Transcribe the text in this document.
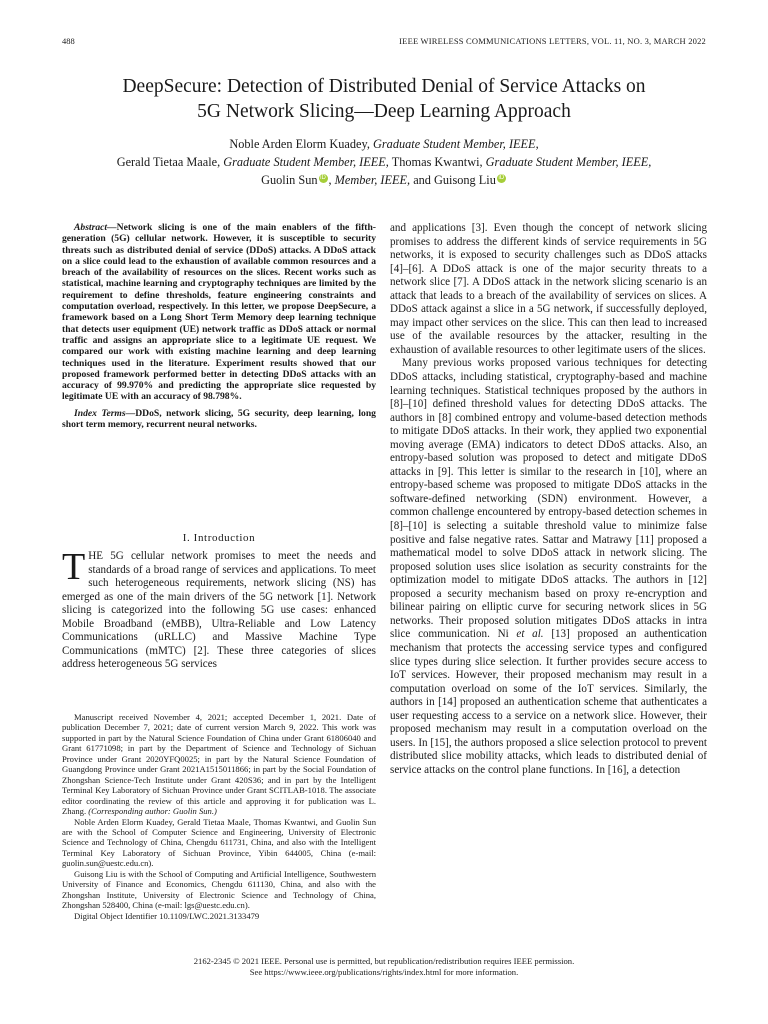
488	IEEE WIRELESS COMMUNICATIONS LETTERS, VOL. 11, NO. 3, MARCH 2022
DeepSecure: Detection of Distributed Denial of Service Attacks on
5G Network Slicing—Deep Learning Approach
Noble Arden Elorm Kuadey, Graduate Student Member, IEEE,
Gerald Tietaa Maale, Graduate Student Member, IEEE, Thomas Kwantwi, Graduate Student Member, IEEE,
Guolin Sun iD , Member, IEEE, and Guisong Liu iD

Abstract—Network slicing is one of the main enablers of the fifth-generation (5G) cellular network. However, it is susceptible to security threats such as distributed denial of service (DDoS) attacks. A DDoS attack on a slice could lead to the exhaustion of available common resources and a breach of the availability of resources on the slices. Recent works such as statistical, machine learning and cryptography techniques are limited by the requirement to define thresholds, feature engineering constraints and computation overload, respectively. In this letter, we propose DeepSecure, a framework based on a Long Short Term Memory deep learning technique that detects user equipment (UE) network traffic as DDoS attack or normal traffic and assigns an appropriate slice to a legitimate UE request. We compared our work with existing machine learning and deep learning techniques used in the literature. Experiment results showed that our proposed framework performed better in detecting DDoS attacks with an accuracy of 99.970% and predicting the appropriate slice requested by legitimate UE with an accuracy of 98.798%.

Index Terms—DDoS, network slicing, 5G security, deep learning, long short term memory, recurrent neural networks.

I. Introduction

THE 5G cellular network promises to meet the needs and standards of a broad range of services and applications. To meet such heterogeneous requirements, network slicing (NS) has emerged as one of the main drivers of the 5G network [1]. Network slicing is categorized into the following 5G use cases: enhanced Mobile Broadband (eMBB), Ultra-Reliable and Low Latency Communications (uRLLC) and Massive Machine Type Communications (mMTC) [2]. These three categories of slices address heterogeneous 5G services

Manuscript received November 4, 2021; accepted December 1, 2021. Date of publication December 7, 2021; date of current version March 9, 2022. This work was supported in part by the Natural Science Foundation of China under Grant 61806040 and Grant 61771098; in part by the Department of Science and Technology of Sichuan Province under Grant 2020YFQ0025; in part by the Natural Science Foundation of Guangdong Province under Grant 2021A1515011866; in part by the Social Foundation of Zhongshan Science-Tech Institute under Grant 420S36; and in part by the Intelligent Terminal Key Laboratory of Sichuan Province under Grant SCITLAB-1018. The associate editor coordinating the review of this article and approving it for publication was L. Zhang. (Corresponding author: Guolin Sun.)

Noble Arden Elorm Kuadey, Gerald Tietaa Maale, Thomas Kwantwi, and Guolin Sun are with the School of Computer Science and Engineering, University of Electronic Science and Technology of China, Chengdu 611731, China, and also with the Intelligent Terminal Key Laboratory of Sichuan Province, Yibin 644005, China (e-mail: guolin.sun@uestc.edu.cn).

Guisong Liu is with the School of Computing and Artificial Intelligence, Southwestern University of Finance and Economics, Chengdu 611130, China, and also with the Zhongshan Institute, University of Electronic Science and Technology of China, Zhongshan 528400, China (e-mail: lgs@uestc.edu.cn).

Digital Object Identifier 10.1109/LWC.2021.3133479

and applications [3]. Even though the concept of network slicing promises to address the different kinds of service requirements in 5G networks, it is exposed to security challenges such as DDoS attacks [4]–[6]. A DDoS attack is one of the major security threats to a network slice [7]. A DDoS attack in the network slicing scenario is an attack that leads to a breach of the availability of services on slices. A DDoS attack against a slice in a 5G network, if successfully deployed, may impact other services on the slice. This can then lead to increased use of the available resources by the attacker, resulting in the exhaustion of available resources to other legitimate users of the slices.

Many previous works proposed various techniques for detecting DDoS attacks, including statistical, cryptography-based and machine learning techniques. Statistical techniques proposed by the authors in [8]–[10] defined threshold values for detecting DDoS attacks. The authors in [8] combined entropy and volume-based detection methods to mitigate DDoS attacks. In their work, they applied two exponential moving average (EMA) indicators to detect DDoS attacks. Also, an entropy-based solution was proposed to detect and mitigate DDoS attacks in [9]. This letter is similar to the research in [10], where an entropy-based scheme was proposed to mitigate DDoS attacks in the software-defined networking (SDN) environment. However, a common challenge encountered by entropy-based detection schemes in [8]–[10] is selecting a suitable threshold value to minimize false positive and false negative rates. Sattar and Matrawy [11] proposed a mathematical model to solve DDoS attack in network slicing. The proposed solution uses slice isolation as security constraints for the optimization model to mitigate DDoS attacks. The authors in [12] proposed a security mechanism based on proxy re-encryption and bilinear pairing on elliptic curve for securing network slices in 5G networks. Their proposed solution mitigates DDoS attacks in intra slice communication. Ni et al. [13] proposed an authentication mechanism that protects the accessing service types and configured slice types during slice selection. It further provides secure access to IoT services. However, their proposed mechanism may result in a computation overload on some of the IoT services. Similarly, the authors in [14] proposed an authentication scheme that authenticates a user requesting access to a service on a network slice. However, their proposed mechanism may result in a computation overload on the users. In [15], the authors proposed a slice selection protocol to prevent distributed slice mobility attacks, which leads to distributed denial of service attacks on the control plane functions. In [16], a detection

2162-2345 © 2021 IEEE. Personal use is permitted, but republication/redistribution requires IEEE permission.
See https://www.ieee.org/publications/rights/index.html for more information.
